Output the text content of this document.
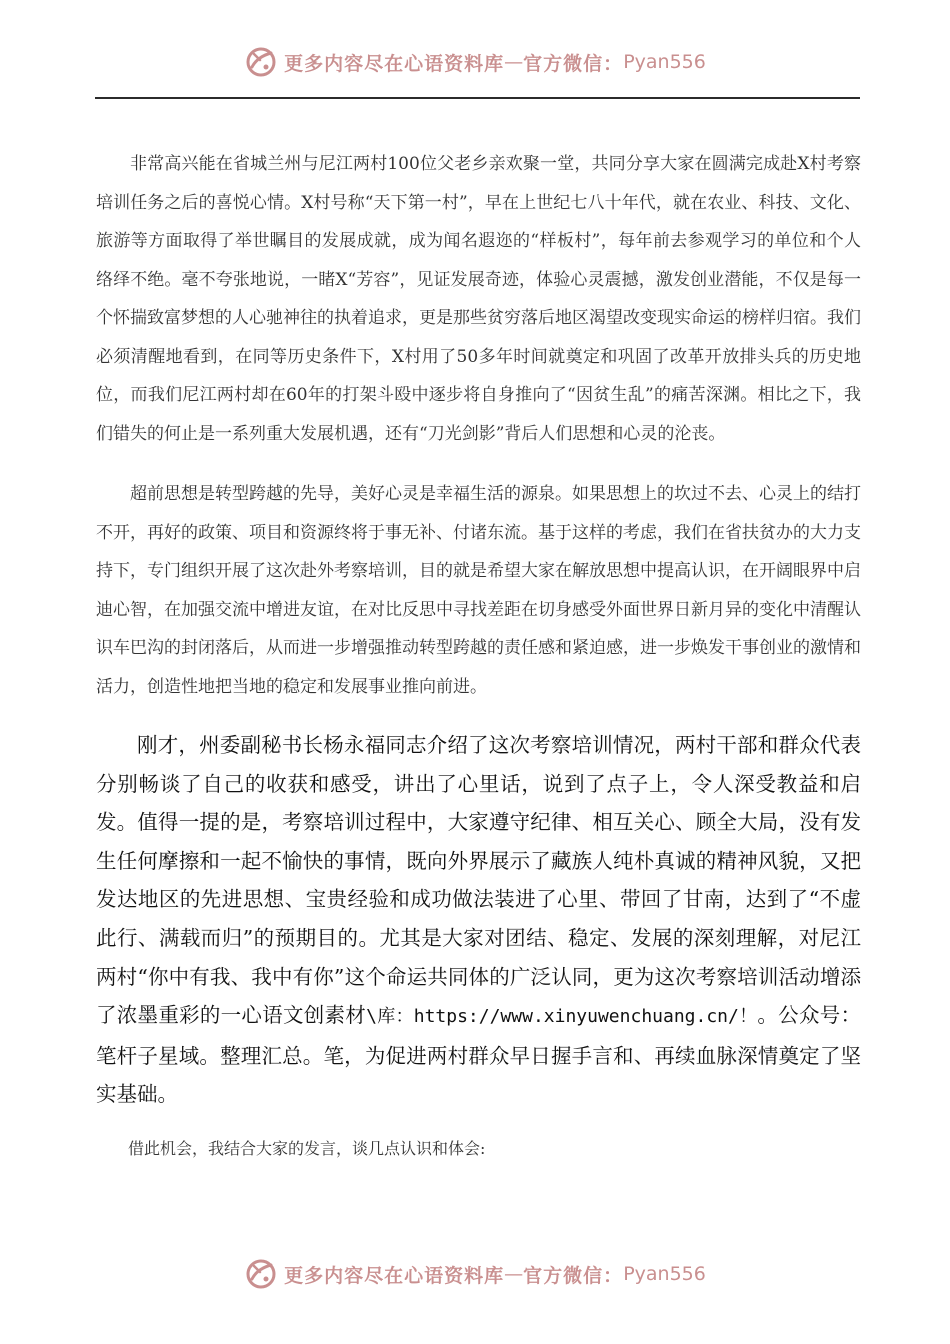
更多内容尽在心语资料库 — 官方微信： Pyan556

非常高兴能在省城兰州与尼江两村100位父老乡亲欢聚一堂，共同分享大家在圆满完成赴X村考察培训任务之后的喜悦心情。X村号称“天下第一村”，早在上世纪七八十年代，就在农业、科技、文化、旅游等方面取得了举世瞩目的发展成就，成为闻名遐迩的“样板村”，每年前去参观学习的单位和个人络绎不绝。毫不夸张地说，一睹X“芳容”，见证发展奇迹，体验心灵震撼，激发创业潜能，不仅是每一个怀揣致富梦想的人心驰神往的执着追求，更是那些贫穷落后地区渴望改变现实命运的榜样归宿。我们必须清醒地看到，在同等历史条件下，X村用了50多年时间就奠定和巩固了改革开放排头兵的历史地位，而我们尼江两村却在60年的打架斗殴中逐步将自身推向了“因贫生乱”的痛苦深渊。相比之下，我们错失的何止是一系列重大发展机遇，还有“刀光剑影”背后人们思想和心灵的沦丧。

超前思想是转型跨越的先导，美好心灵是幸福生活的源泉。如果思想上的坎过不去、心灵上的结打不开，再好的政策、项目和资源终将于事无补、付诸东流。基于这样的考虑，我们在省扶贫办的大力支持下，专门组织开展了这次赴外考察培训，目的就是希望大家在解放思想中提高认识，在开阔眼界中启迪心智，在加强交流中增进友谊，在对比反思中寻找差距在切身感受外面世界日新月异的变化中清醒认识车巴沟的封闭落后，从而进一步增强推动转型跨越的责任感和紧迫感，进一步焕发干事创业的激情和活力，创造性地把当地的稳定和发展事业推向前进。

刚才，州委副秘书长杨永福同志介绍了这次考察培训情况，两村干部和群众代表分别畅谈了自己的收获和感受，讲出了心里话，说到了点子上，令人深受教益和启发。值得一提的是，考察培训过程中，大家遵守纪律、相互关心、顾全大局，没有发生任何摩擦和一起不愉快的事情，既向外界展示了藏族人纯朴真诚的精神风貌，又把发达地区的先进思想、宝贵经验和成功做法装进了心里、带回了甘南，达到了“不虚此行、满载而归”的预期目的。尤其是大家对团结、稳定、发展的深刻理解，对尼江两村“你中有我、我中有你”这个命运共同体的广泛认同，更为这次考察培训活动增添了浓墨重彩的一心语文创素材\库：https://www.xinyuwenchuang.cn/！。公众号：笔杆子星域。整理汇总。笔，为促进两村群众早日握手言和、再续血脉深情奠定了坚实基础。

借此机会，我结合大家的发言，谈几点认识和体会:

更多内容尽在心语资料库 — 官方微信： Pyan556
